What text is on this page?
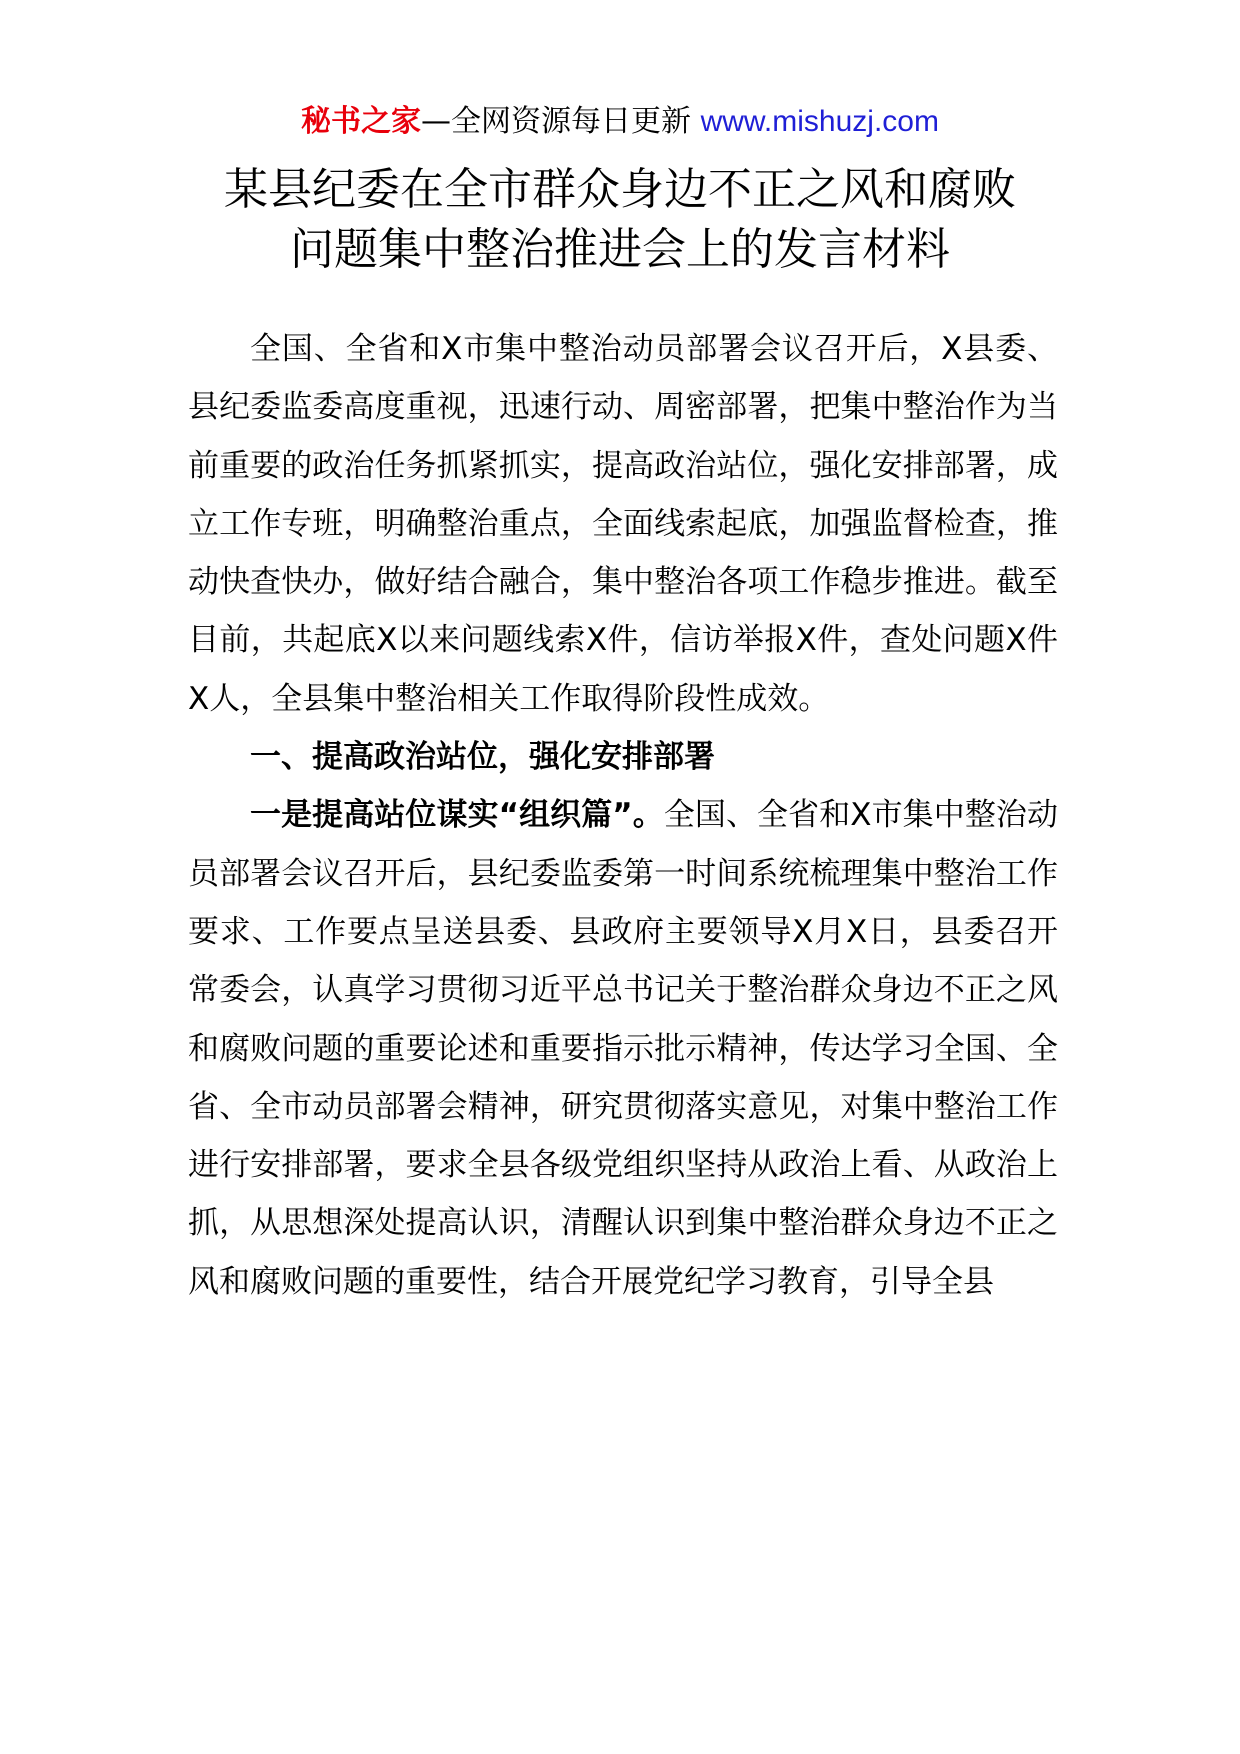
秘书之家—全网资源每日更新 www.mishuzj.com
某县纪委在全市群众身边不正之风和腐败
问题集中整治推进会上的发言材料

全国、全省和X市集中整治动员部署会议召开后，X县委、县纪委监委高度重视，迅速行动、周密部署，把集中整治作为当前重要的政治任务抓紧抓实，提高政治站位，强化安排部署，成立工作专班，明确整治重点，全面线索起底，加强监督检查，推动快查快办，做好结合融合，集中整治各项工作稳步推进。截至目前，共起底X以来问题线索X件，信访举报X件，查处问题X件X人，全县集中整治相关工作取得阶段性成效。

一、提高政治站位，强化安排部署

一是提高站位谋实“组织篇”。全国、全省和X市集中整治动员部署会议召开后，县纪委监委第一时间系统梳理集中整治工作要求、工作要点呈送县委、县政府主要领导X月X日，县委召开常委会，认真学习贯彻习近平总书记关于整治群众身边不正之风和腐败问题的重要论述和重要指示批示精神，传达学习全国、全省、全市动员部署会精神，研究贯彻落实意见，对集中整治工作进行安排部署，要求全县各级党组织坚持从政治上看、从政治上抓，从思想深处提高认识，清醒认识到集中整治群众身边不正之风和腐败问题的重要性，结合开展党纪学习教育，引导全县
